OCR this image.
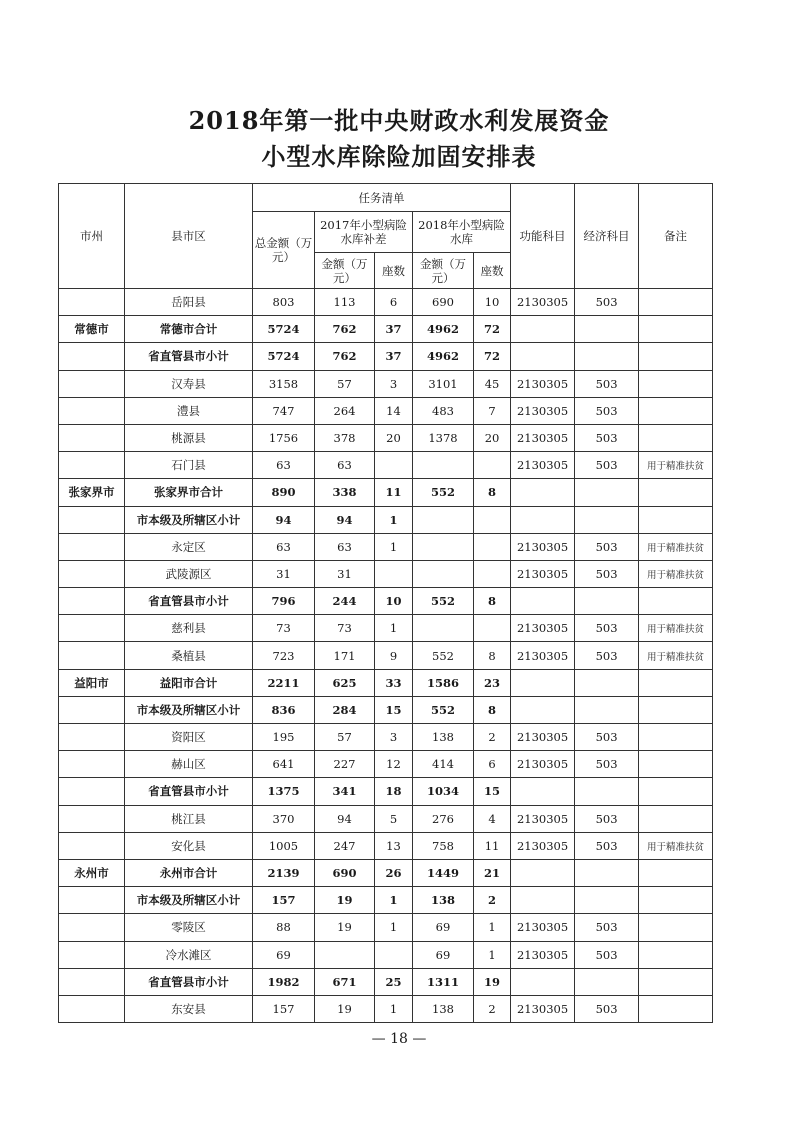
2018年第一批中央财政水利发展资金
小型水库除险加固安排表
市州	县市区	任务清单					功能科目	经济科目	备注
		总金额（万元）	2017年小型病险水库补差		2018年小型病险水库				
			金额（万元）	座数	金额（万元）	座数			
	岳阳县	803	113	6	690	10	2130305	503	
常德市	常德市合计	5724	762	37	4962	72			
	省直管县市小计	5724	762	37	4962	72			
	汉寿县	3158	57	3	3101	45	2130305	503	
	澧县	747	264	14	483	7	2130305	503	
	桃源县	1756	378	20	1378	20	2130305	503	
	石门县	63	63				2130305	503	用于精准扶贫
张家界市	张家界市合计	890	338	11	552	8			
	市本级及所辖区小计	94	94	1					
	永定区	63	63	1			2130305	503	用于精准扶贫
	武陵源区	31	31				2130305	503	用于精准扶贫
	省直管县市小计	796	244	10	552	8			
	慈利县	73	73	1			2130305	503	用于精准扶贫
	桑植县	723	171	9	552	8	2130305	503	用于精准扶贫
益阳市	益阳市合计	2211	625	33	1586	23			
	市本级及所辖区小计	836	284	15	552	8			
	资阳区	195	57	3	138	2	2130305	503	
	赫山区	641	227	12	414	6	2130305	503	
	省直管县市小计	1375	341	18	1034	15			
	桃江县	370	94	5	276	4	2130305	503	
	安化县	1005	247	13	758	11	2130305	503	用于精准扶贫
永州市	永州市合计	2139	690	26	1449	21			
	市本级及所辖区小计	157	19	1	138	2			
	零陵区	88	19	1	69	1	2130305	503	
	冷水滩区	69			69	1	2130305	503	
	省直管县市小计	1982	671	25	1311	19			
	东安县	157	19	1	138	2	2130305	503	
— 18 —
